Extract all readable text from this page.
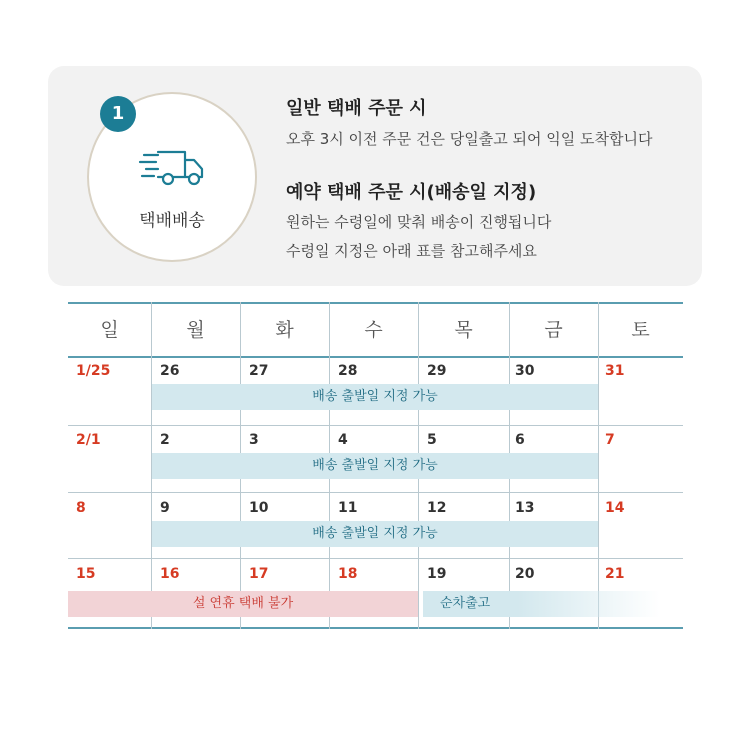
1
택배배송
일반 택배 주문 시
오후 3시 이전 주문 건은 당일출고 되어 익일 도착합니다
예약 택배 주문 시(배송일 지정)
원하는 수령일에 맞춰 배송이 진행됩니다
수령일 지정은 아래 표를 참고해주세요
일	월	화	수	목	금	토
1/25	26	27	28	29	30	31
배송 출발일 지정 가능
2/1	2	3	4	5	6	7
배송 출발일 지정 가능
8	9	10	11	12	13	14
배송 출발일 지정 가능
15	16	17	18	19	20	21
설 연휴 택배 불가	순차출고
